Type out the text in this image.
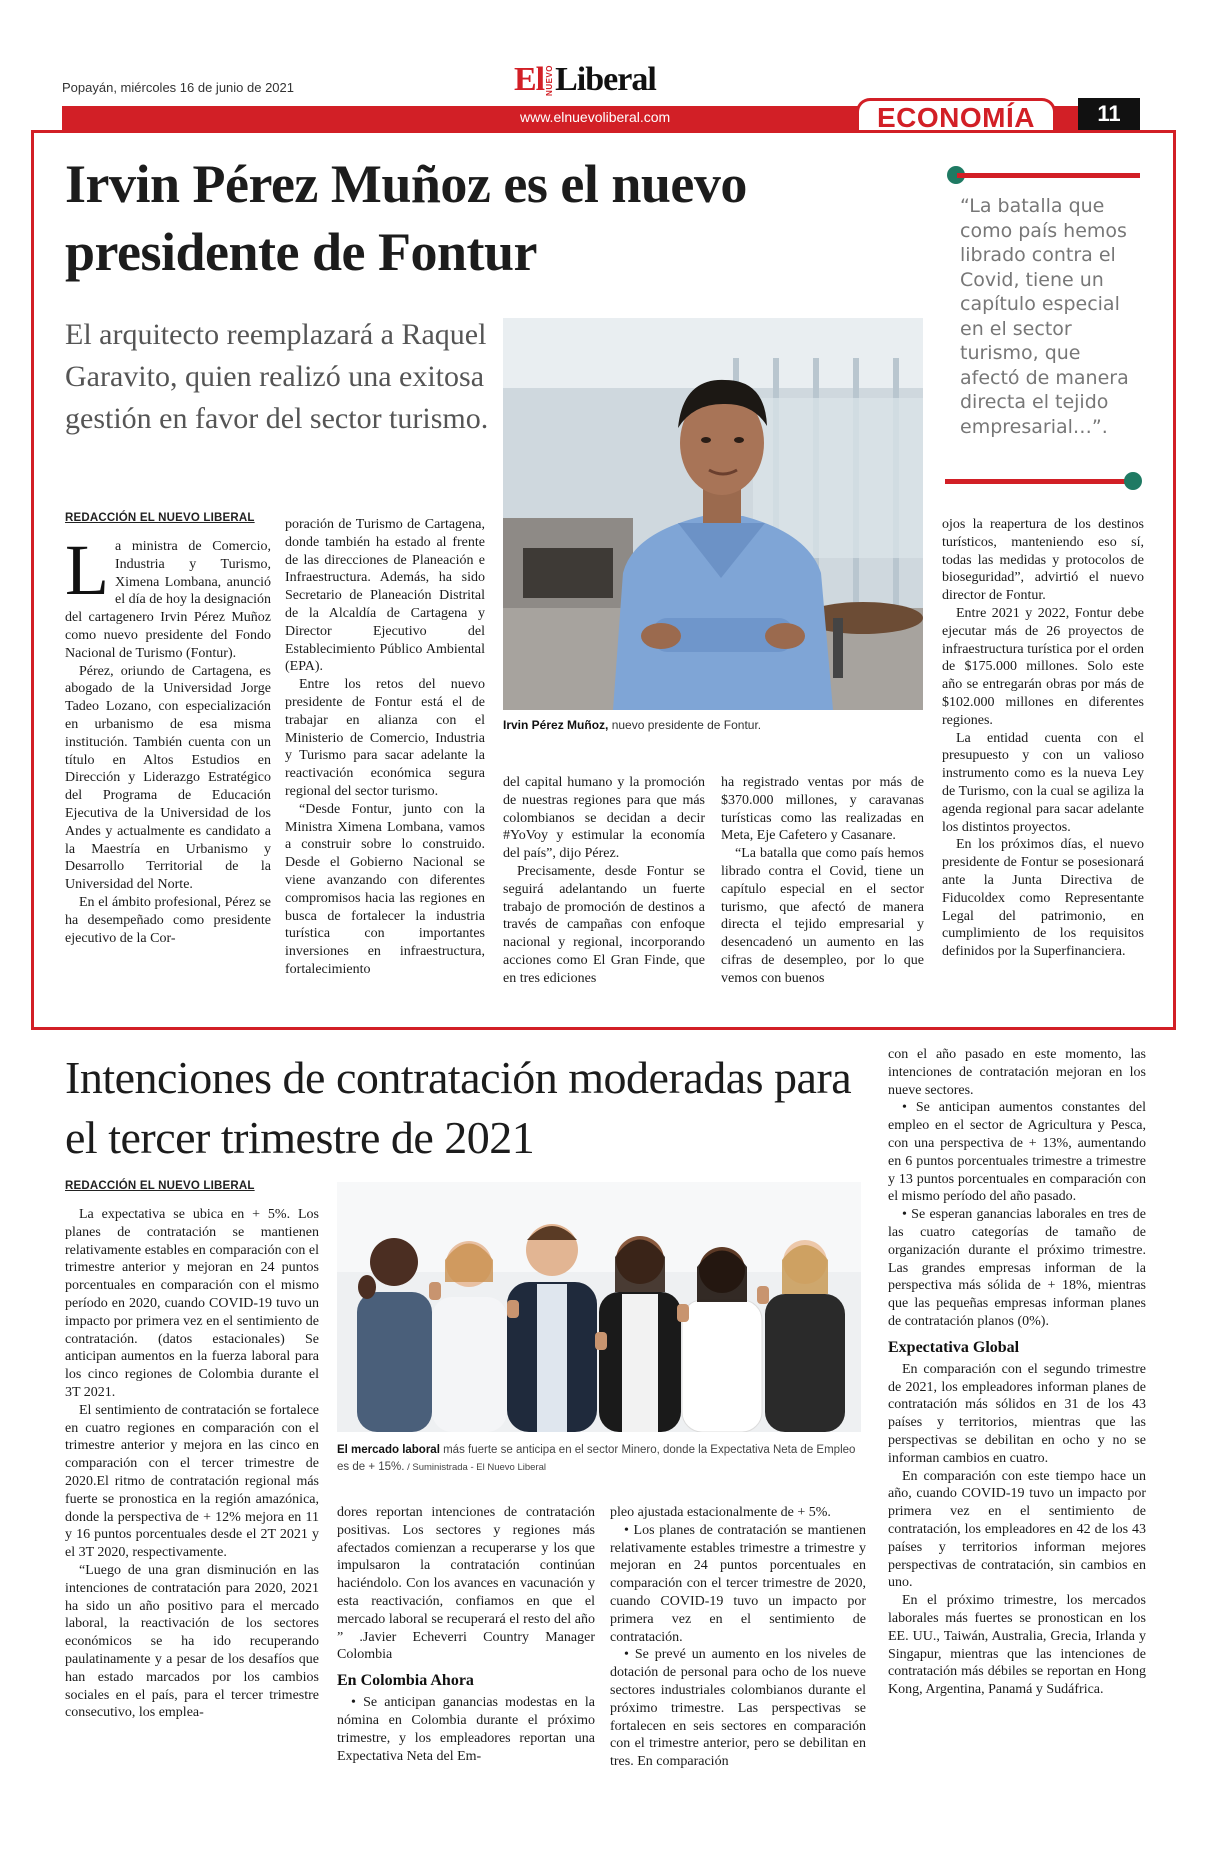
Popayán, miércoles 16 de junio de 2021	El NUEVO Liberal
www.elnuevoliberal.com	ECONOMÍA	11
Irvin Pérez Muñoz es el nuevo presidente de Fontur
El arquitecto reemplazará a Raquel Garavito, quien realizó una exitosa gestión en favor del sector turismo.
Irvin Pérez Muñoz, nuevo presidente de Fontur.
“La batalla que como país hemos librado contra el Covid, tiene un capítulo especial en el sector turismo, que afectó de manera directa el tejido empresarial…”.
REDACCIÓN EL NUEVO LIBERAL

La ministra de Comercio, Industria y Turismo, Ximena Lombana, anunció el día de hoy la designación del cartagenero Irvin Pérez Muñoz como nuevo presidente del Fondo Nacional de Turismo (Fontur).

Pérez, oriundo de Cartagena, es abogado de la Universidad Jorge Tadeo Lozano, con especialización en urbanismo de esa misma institución. También cuenta con un título en Altos Estudios en Dirección y Liderazgo Estratégico del Programa de Educación Ejecutiva de la Universidad de los Andes y actualmente es candidato a la Maestría en Urbanismo y Desarrollo Territorial de la Universidad del Norte.

En el ámbito profesional, Pérez se ha desempeñado como presidente ejecutivo de la Cor-

poración de Turismo de Cartagena, donde también ha estado al frente de las direcciones de Planeación e Infraestructura. Además, ha sido Secretario de Planeación Distrital de la Alcaldía de Cartagena y Director Ejecutivo del Establecimiento Público Ambiental (EPA).

Entre los retos del nuevo presidente de Fontur está el de trabajar en alianza con el Ministerio de Comercio, Industria y Turismo para sacar adelante la reactivación económica segura regional del sector turismo.

“Desde Fontur, junto con la Ministra Ximena Lombana, vamos a construir sobre lo construido. Desde el Gobierno Nacional se viene avanzando con diferentes compromisos hacia las regiones en busca de fortalecer la industria turística con importantes inversiones en infraestructura, fortalecimiento

del capital humano y la promoción de nuestras regiones para que más colombianos se decidan a decir #YoVoy y estimular la economía del país”, dijo Pérez.

Precisamente, desde Fontur se seguirá adelantando un fuerte trabajo de promoción de destinos a través de campañas con enfoque nacional y regional, incorporando acciones como El Gran Finde, que en tres ediciones

ha registrado ventas por más de $370.000 millones, y caravanas turísticas como las realizadas en Meta, Eje Cafetero y Casanare.

“La batalla que como país hemos librado contra el Covid, tiene un capítulo especial en el sector turismo, que afectó de manera directa el tejido empresarial y desencadenó un aumento en las cifras de desempleo, por lo que vemos con buenos

ojos la reapertura de los destinos turísticos, manteniendo eso sí, todas las medidas y protocolos de bioseguridad”, advirtió el nuevo director de Fontur.

Entre 2021 y 2022, Fontur debe ejecutar más de 26 proyectos de infraestructura turística por el orden de $175.000 millones. Solo este año se entregarán obras por más de $102.000 millones en diferentes regiones.

La entidad cuenta con el presupuesto y con un valioso instrumento como es la nueva Ley de Turismo, con la cual se agiliza la agenda regional para sacar adelante los distintos proyectos.

En los próximos días, el nuevo presidente de Fontur se posesionará ante la Junta Directiva de Fiducoldex como Representante Legal del patrimonio, en cumplimiento de los requisitos definidos por la Superfinanciera.

Intenciones de contratación moderadas para el tercer trimestre de 2021
El mercado laboral más fuerte se anticipa en el sector Minero, donde la Expectativa Neta de Empleo es de + 15%. / Suministrada - El Nuevo Liberal
REDACCIÓN EL NUEVO LIBERAL

La expectativa se ubica en + 5%. Los planes de contratación se mantienen relativamente estables en comparación con el trimestre anterior y mejoran en 24 puntos porcentuales en comparación con el mismo período en 2020, cuando COVID-19 tuvo un impacto por primera vez en el sentimiento de contratación. (datos estacionales) Se anticipan aumentos en la fuerza laboral para los cinco regiones de Colombia durante el 3T 2021.

El sentimiento de contratación se fortalece en cuatro regiones en comparación con el trimestre anterior y mejora en las cinco en comparación con el tercer trimestre de 2020.El ritmo de contratación regional más fuerte se pronostica en la región amazónica, donde la perspectiva de + 12% mejora en 11 y 16 puntos porcentuales desde el 2T 2021 y el 3T 2020, respectivamente.

“Luego de una gran disminución en las intenciones de contratación para 2020, 2021 ha sido un año positivo para el mercado laboral, la reactivación de los sectores económicos se ha ido recuperando paulatinamente y a pesar de los desafíos que han estado marcados por los cambios sociales en el país, para el tercer trimestre consecutivo, los emplea-

dores reportan intenciones de contratación positivas. Los sectores y regiones más afectados comienzan a recuperarse y los que impulsaron la contratación continúan haciéndolo. Con los avances en vacunación y esta reactivación, confiamos en que el mercado laboral se recuperará el resto del año ” .Javier Echeverri Country Manager Colombia

En Colombia Ahora

• Se anticipan ganancias modestas en la nómina en Colombia durante el próximo trimestre, y los empleadores reportan una Expectativa Neta del Em-

pleo ajustada estacionalmente de + 5%.

• Los planes de contratación se mantienen relativamente estables trimestre a trimestre y mejoran en 24 puntos porcentuales en comparación con el tercer trimestre de 2020, cuando COVID-19 tuvo un impacto por primera vez en el sentimiento de contratación.

• Se prevé un aumento en los niveles de dotación de personal para ocho de los nueve sectores industriales colombianos durante el próximo trimestre. Las perspectivas se fortalecen en seis sectores en comparación con el trimestre anterior, pero se debilitan en tres. En comparación

con el año pasado en este momento, las intenciones de contratación mejoran en los nueve sectores.

• Se anticipan aumentos constantes del empleo en el sector de Agricultura y Pesca, con una perspectiva de + 13%, aumentando en 6 puntos porcentuales trimestre a trimestre y 13 puntos porcentuales en comparación con el mismo período del año pasado.

• Se esperan ganancias laborales en tres de las cuatro categorías de tamaño de organización durante el próximo trimestre. Las grandes empresas informan de la perspectiva más sólida de + 18%, mientras que las pequeñas empresas informan planes de contratación planos (0%).

Expectativa Global

En comparación con el segundo trimestre de 2021, los empleadores informan planes de contratación más sólidos en 31 de los 43 países y territorios, mientras que las perspectivas se debilitan en ocho y no se informan cambios en cuatro.

En comparación con este tiempo hace un año, cuando COVID-19 tuvo un impacto por primera vez en el sentimiento de contratación, los empleadores en 42 de los 43 países y territorios informan mejores perspectivas de contratación, sin cambios en uno.

En el próximo trimestre, los mercados laborales más fuertes se pronostican en los EE. UU., Taiwán, Australia, Grecia, Irlanda y Singapur, mientras que las intenciones de contratación más débiles se reportan en Hong Kong, Argentina, Panamá y Sudáfrica.
